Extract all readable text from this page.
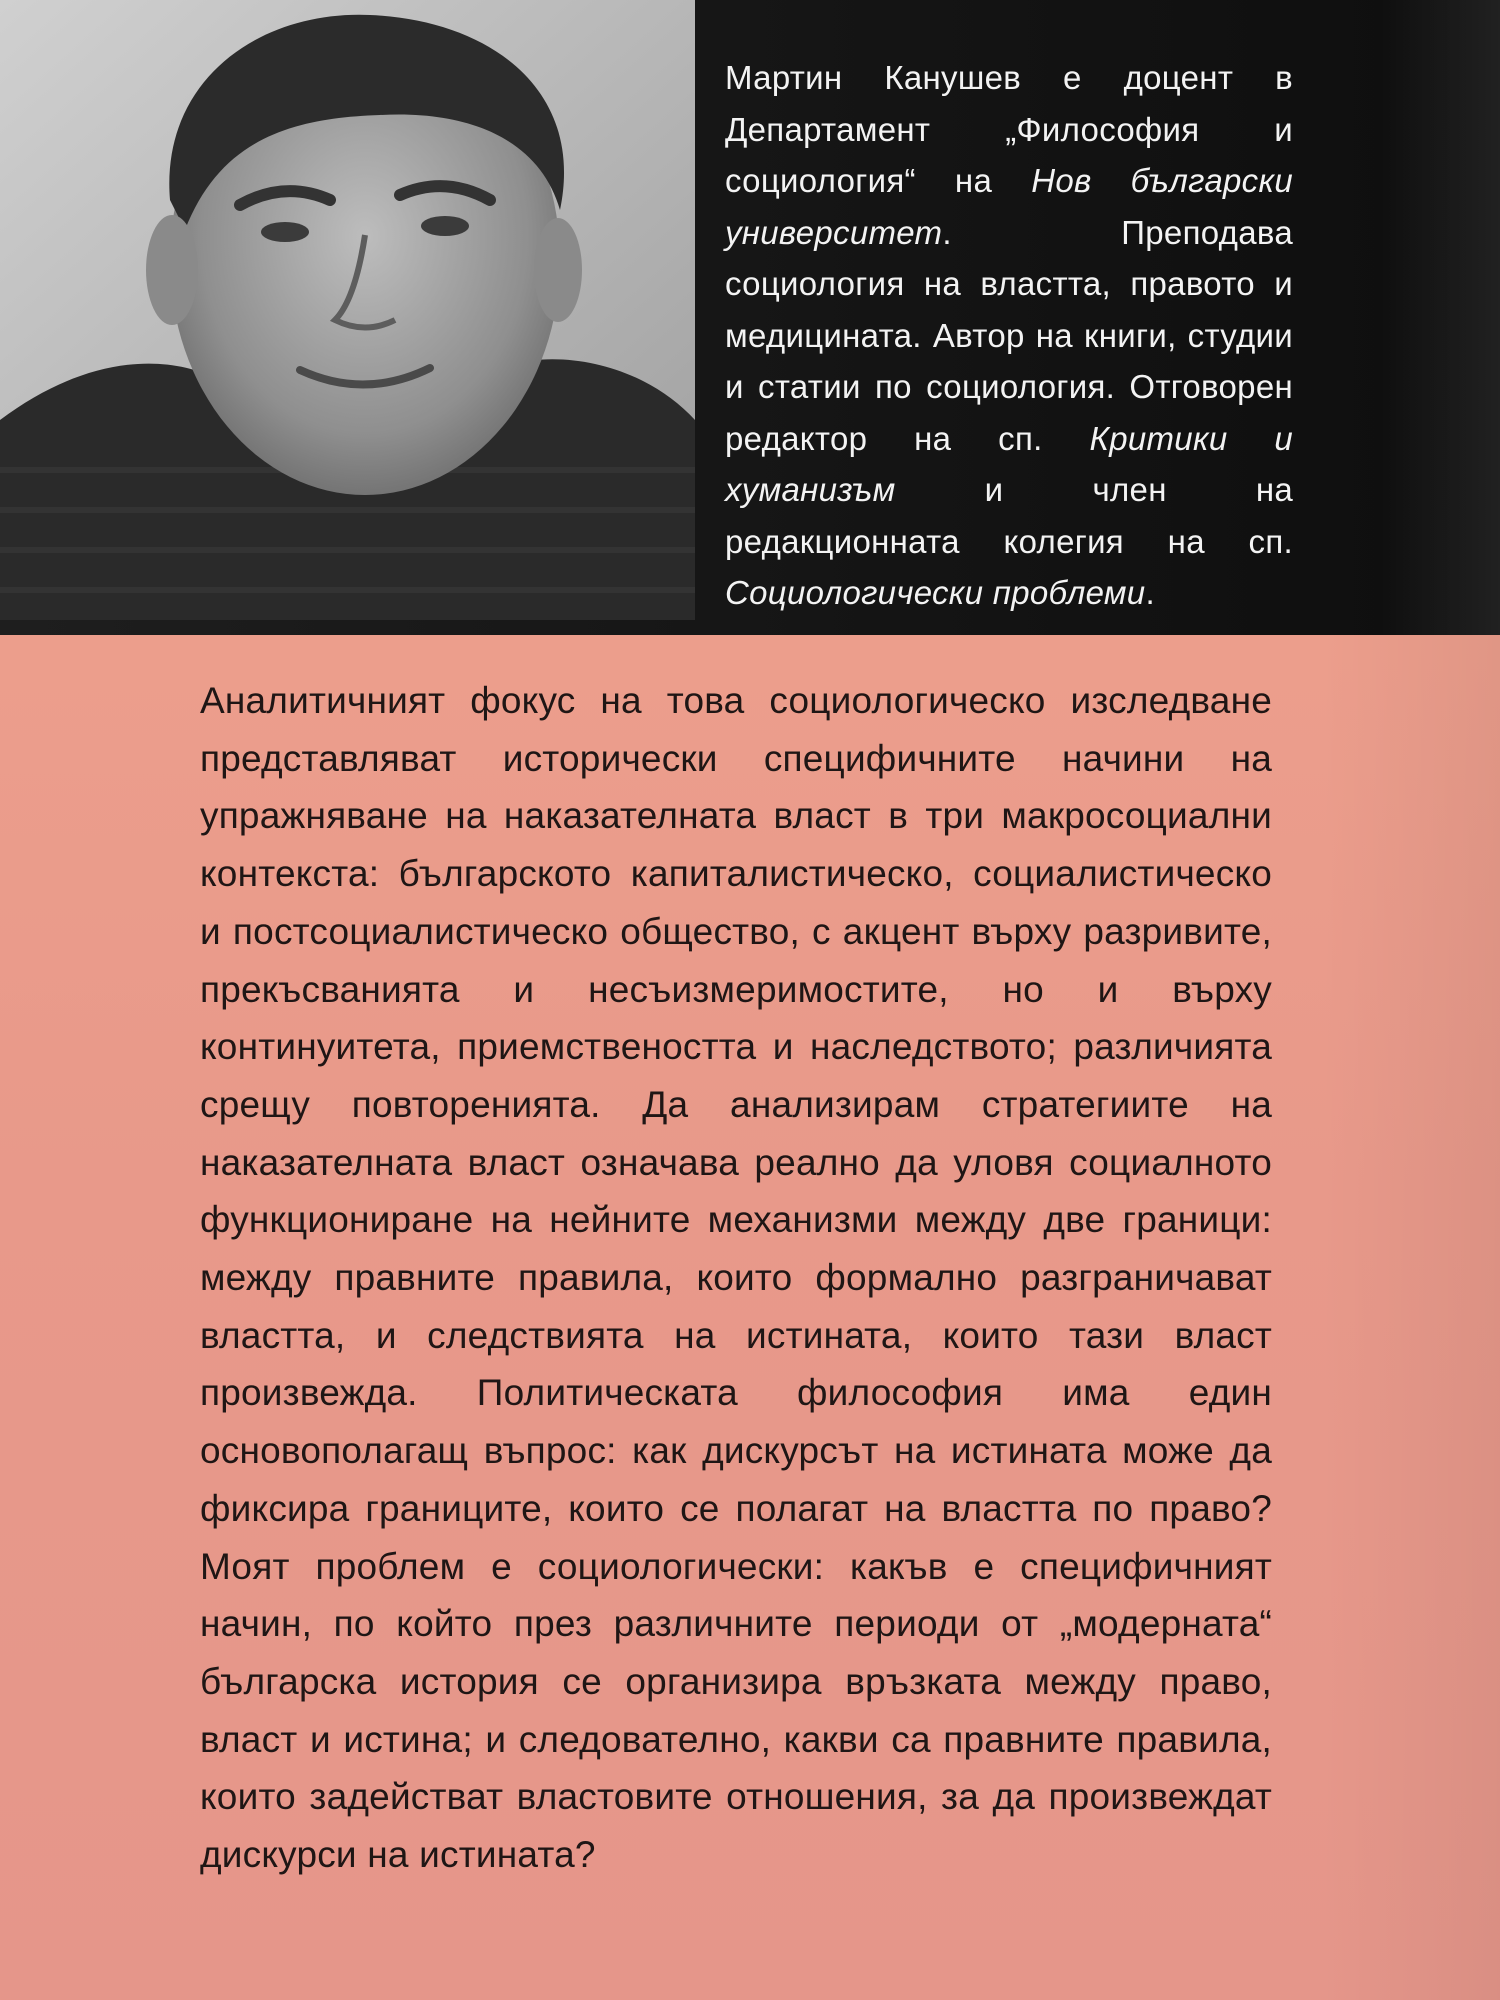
Мартин Канушев е доцент в Департамент „Философия и социология“ на Нов български университет. Преподава социология на властта, правото и медицината. Автор на книги, студии и статии по социология. Отговорен редактор на сп. Критики и хуманизъм и член на редакционната колегия на сп. Социологически проблеми.
Аналитичният фокус на това социологическо изследване представляват исторически специфичните начини на упражняване на наказателната власт в три макросоциални контекста: българското капиталистическо, социалистическо и постсоциалистическо общество, с акцент върху разривите, прекъсванията и несъизмеримостите, но и върху континуитета, приемствеността и наследството; различията срещу повторенията. Да анализирам стратегиите на наказателната власт означава реално да уловя социалното функциониране на нейните механизми между две граници: между правните правила, които формално разграничават властта, и следствията на истината, които тази власт произвежда. Политическата философия има един основополагащ въпрос: как дискурсът на истината може да фиксира границите, които се полагат на властта по право? Моят проблем е социологически: какъв е специфичният начин, по който през различните периоди от „модерната“ българска история се организира връзката между право, власт и истина; и следователно, какви са правните правила, които задействат властовите отношения, за да произвеждат дискурси на истината?
